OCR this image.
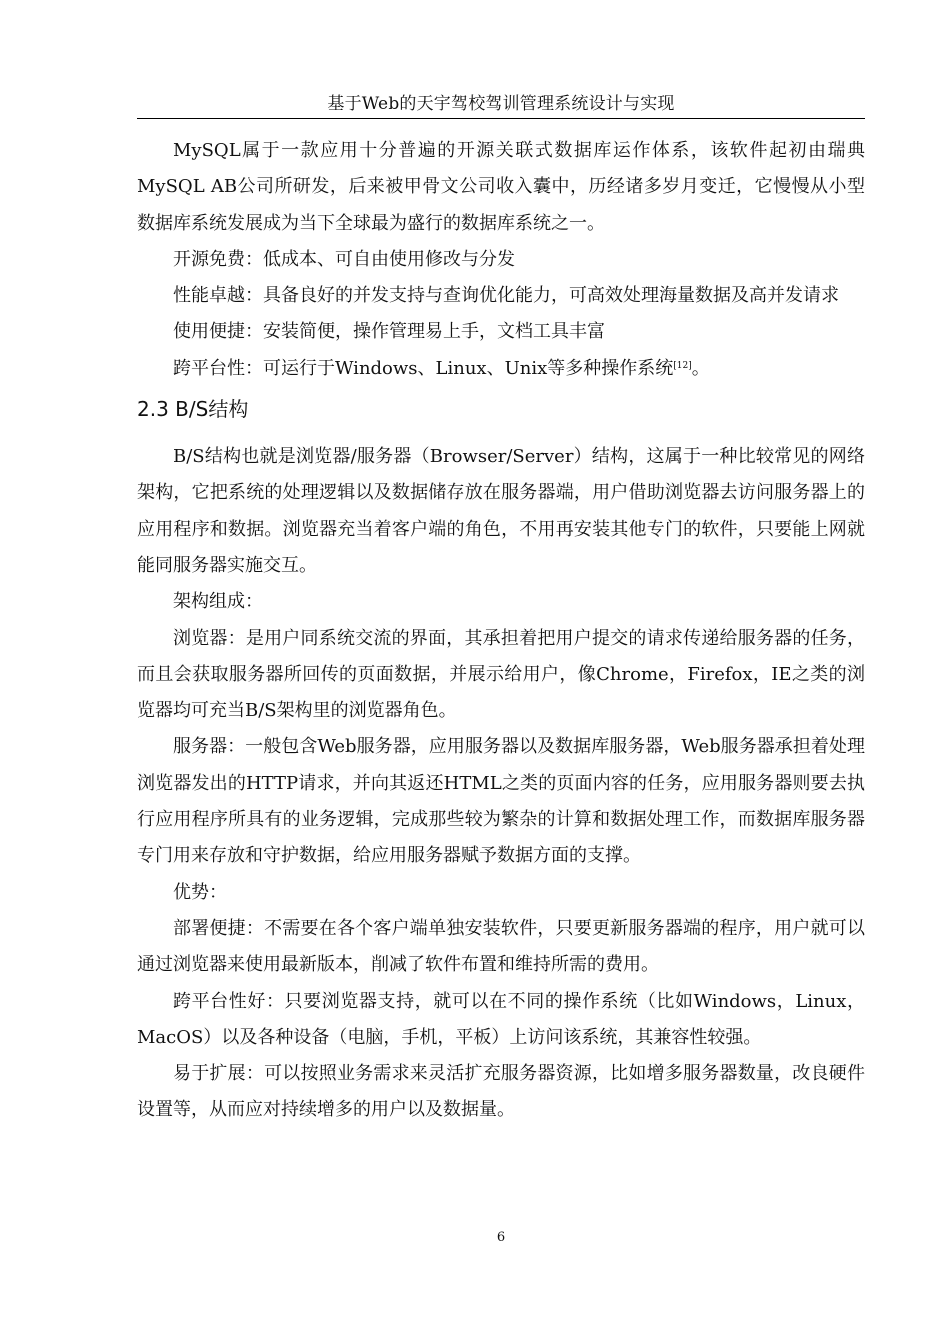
基于Web的天宇驾校驾训管理系统设计与实现

MySQL属于一款应用十分普遍的开源关联式数据库运作体系，该软件起初由瑞典MySQL AB公司所研发，后来被甲骨文公司收入囊中，历经诸多岁月变迁，它慢慢从小型数据库系统发展成为当下全球最为盛行的数据库系统之一。

开源免费：低成本、可自由使用修改与分发

性能卓越：具备良好的并发支持与查询优化能力，可高效处理海量数据及高并发请求

使用便捷：安装简便，操作管理易上手，文档工具丰富

跨平台性：可运行于Windows、Linux、Unix等多种操作系统[12]。

2.3 B/S结构

B/S结构也就是浏览器/服务器（Browser/Server）结构，这属于一种比较常见的网络架构，它把系统的处理逻辑以及数据储存放在服务器端，用户借助浏览器去访问服务器上的应用程序和数据。浏览器充当着客户端的角色，不用再安装其他专门的软件，只要能上网就能同服务器实施交互。

架构组成：

浏览器：是用户同系统交流的界面，其承担着把用户提交的请求传递给服务器的任务，而且会获取服务器所回传的页面数据，并展示给用户，像Chrome，Firefox，IE之类的浏览器均可充当B/S架构里的浏览器角色。

服务器：一般包含Web服务器，应用服务器以及数据库服务器，Web服务器承担着处理浏览器发出的HTTP请求，并向其返还HTML之类的页面内容的任务，应用服务器则要去执行应用程序所具有的业务逻辑，完成那些较为繁杂的计算和数据处理工作，而数据库服务器专门用来存放和守护数据，给应用服务器赋予数据方面的支撑。

优势：

部署便捷：不需要在各个客户端单独安装软件，只要更新服务器端的程序，用户就可以通过浏览器来使用最新版本，削减了软件布置和维持所需的费用。

跨平台性好：只要浏览器支持，就可以在不同的操作系统（比如Windows，Linux，MacOS）以及各种设备（电脑，手机，平板）上访问该系统，其兼容性较强。

易于扩展：可以按照业务需求来灵活扩充服务器资源，比如增多服务器数量，改良硬件设置等，从而应对持续增多的用户以及数据量。

6
